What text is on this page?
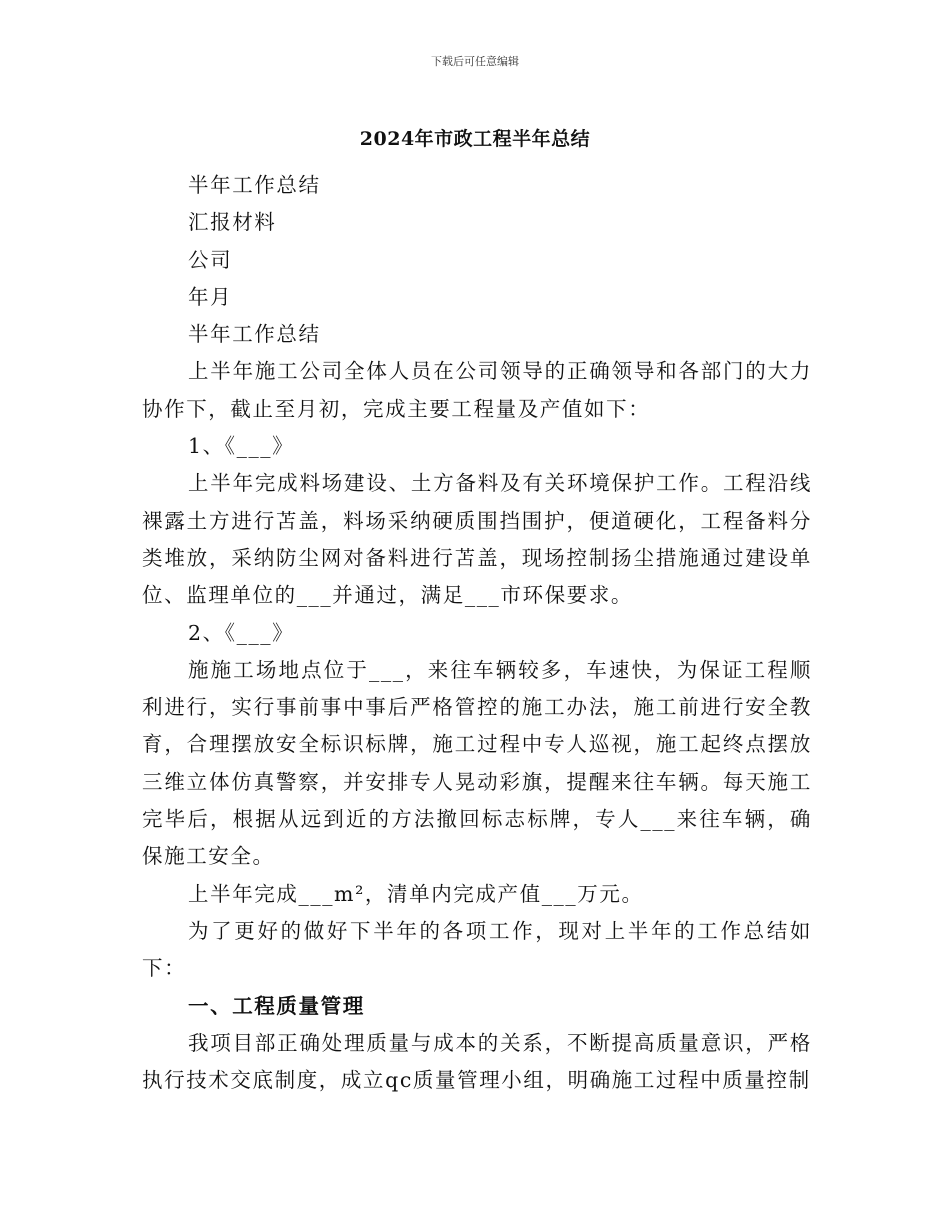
下载后可任意编辑
2024年市政工程半年总结

半年工作总结

汇报材料

公司

年月

半年工作总结

上半年施工公司全体人员在公司领导的正确领导和各部门的大力协作下，截止至月初，完成主要工程量及产值如下：

1、《___》

上半年完成料场建设、土方备料及有关环境保护工作。工程沿线裸露土方进行苫盖，料场采纳硬质围挡围护，便道硬化，工程备料分类堆放，采纳防尘网对备料进行苫盖，现场控制扬尘措施通过建设单位、监理单位的___并通过，满足___市环保要求。

2、《___》

施施工场地点位于___，来往车辆较多，车速快，为保证工程顺利进行，实行事前事中事后严格管控的施工办法，施工前进行安全教育，合理摆放安全标识标牌，施工过程中专人巡视，施工起终点摆放三维立体仿真警察，并安排专人晃动彩旗，提醒来往车辆。每天施工完毕后，根据从远到近的方法撤回标志标牌，专人___来往车辆，确保施工安全。

上半年完成___m²，清单内完成产值___万元。

为了更好的做好下半年的各项工作，现对上半年的工作总结如下：

一、工程质量管理

我项目部正确处理质量与成本的关系，不断提高质量意识，严格执行技术交底制度，成立qc质量管理小组，明确施工过程中质量控制
